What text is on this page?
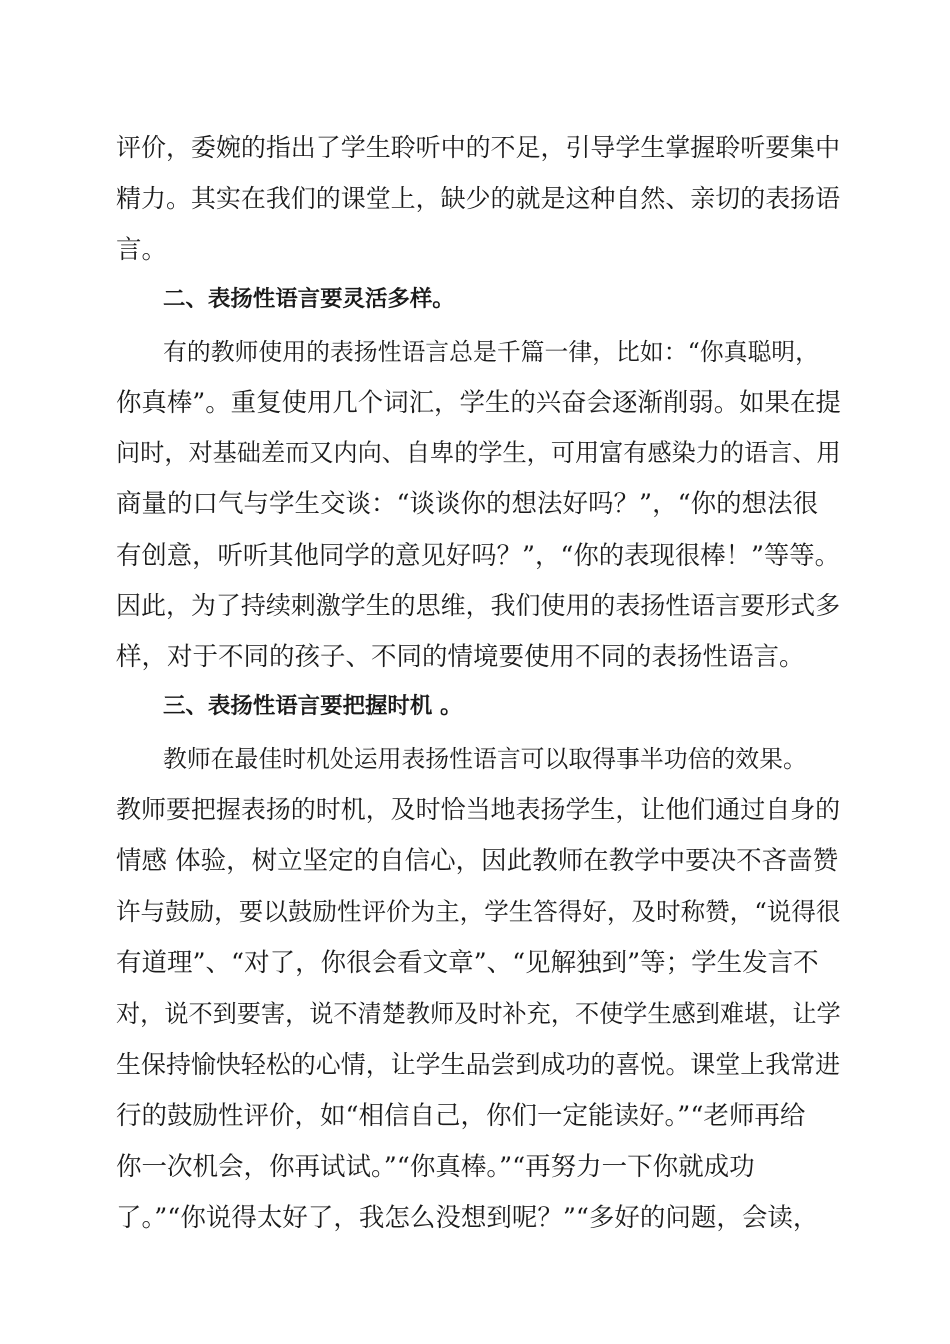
评价，委婉的指出了学生聆听中的不足，引导学生掌握聆听要集中
精力。其实在我们的课堂上，缺少的就是这种自然、亲切的表扬语
言。
二、表扬性语言要灵活多样。
有的教师使用的表扬性语言总是千篇一律，比如：“你真聪明，
你真棒”。重复使用几个词汇，学生的兴奋会逐渐削弱。如果在提
问时，对基础差而又内向、自卑的学生，可用富有感染力的语言、用
商量的口气与学生交谈：“谈谈你的想法好吗？”，“你的想法很
有创意，听听其他同学的意见好吗？”，“你的表现很棒！”等等。
因此，为了持续刺激学生的思维，我们使用的表扬性语言要形式多
样，对于不同的孩子、不同的情境要使用不同的表扬性语言。
三、表扬性语言要把握时机 。
教师在最佳时机处运用表扬性语言可以取得事半功倍的效果。
教师要把握表扬的时机，及时恰当地表扬学生，让他们通过自身的
情感 体验，树立坚定的自信心，因此教师在教学中要决不吝啬赞
许与鼓励，要以鼓励性评价为主，学生答得好，及时称赞，“说得很
有道理”、“对了，你很会看文章”、“见解独到”等；学生发言不
对，说不到要害，说不清楚教师及时补充，不使学生感到难堪，让学
生保持愉快轻松的心情，让学生品尝到成功的喜悦。课堂上我常进
行的鼓励性评价，如“相信自己，你们一定能读好。”“老师再给
你一次机会，你再试试。”“你真棒。”“再努力一下你就成功
了。”“你说得太好了，我怎么没想到呢？”“多好的问题，会读，
